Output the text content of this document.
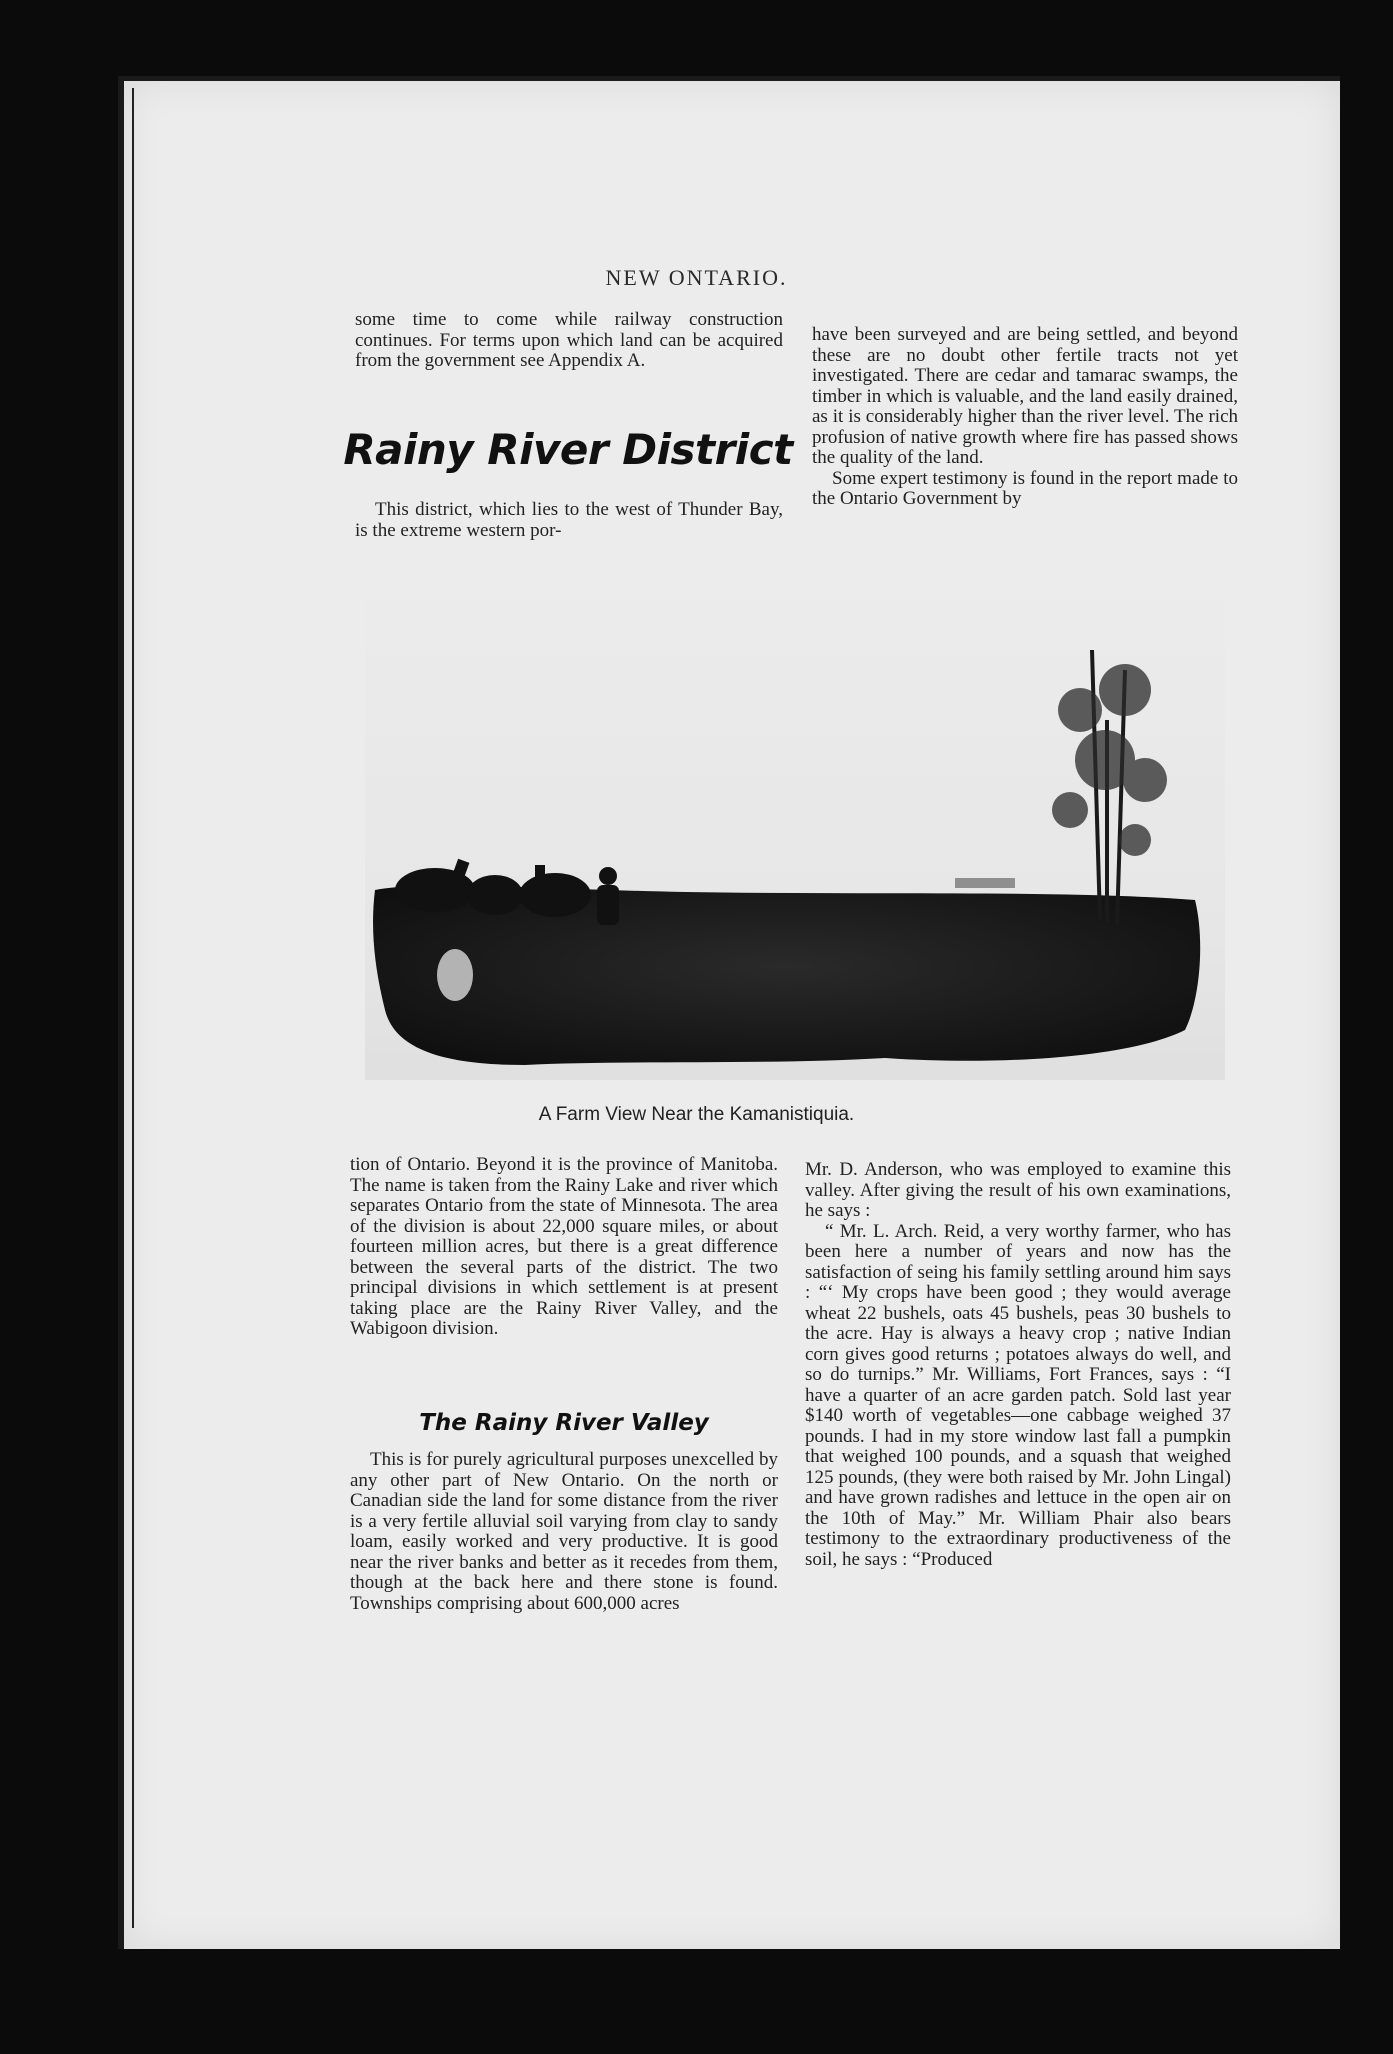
NEW ONTARIO.

some time to come while railway construction continues. For terms upon which land can be acquired from the government see Appendix A.

Rainy River District

This district, which lies to the west of Thunder Bay, is the extreme western por-

have been surveyed and are being settled, and beyond these are no doubt other fertile tracts not yet investigated. There are cedar and tamarac swamps, the timber in which is valuable, and the land easily drained, as it is considerably higher than the river level. The rich profusion of native growth where fire has passed shows the quality of the land.

Some expert testimony is found in the report made to the Ontario Government by

A Farm View Near the Kamanistiquia.

tion of Ontario. Beyond it is the province of Manitoba. The name is taken from the Rainy Lake and river which separates Ontario from the state of Minnesota. The area of the division is about 22,000 square miles, or about fourteen million acres, but there is a great difference between the several parts of the district. The two principal divisions in which settlement is at present taking place are the Rainy River Valley, and the Wabigoon division.

The Rainy River Valley

This is for purely agricultural purposes unexcelled by any other part of New Ontario. On the north or Canadian side the land for some distance from the river is a very fertile alluvial soil varying from clay to sandy loam, easily worked and very productive. It is good near the river banks and better as it recedes from them, though at the back here and there stone is found. Townships comprising about 600,000 acres

Mr. D. Anderson, who was employed to examine this valley. After giving the result of his own examinations, he says :

“ Mr. L. Arch. Reid, a very worthy farmer, who has been here a number of years and now has the satisfaction of seing his family settling around him says : “‘ My crops have been good ; they would average wheat 22 bushels, oats 45 bushels, peas 30 bushels to the acre. Hay is always a heavy crop ; native Indian corn gives good returns ; potatoes always do well, and so do turnips.” Mr. Williams, Fort Frances, says : “I have a quarter of an acre garden patch. Sold last year $140 worth of vegetables—one cabbage weighed 37 pounds. I had in my store window last fall a pumpkin that weighed 100 pounds, and a squash that weighed 125 pounds, (they were both raised by Mr. John Lingal) and have grown radishes and lettuce in the open air on the 10th of May.” Mr. William Phair also bears testimony to the extraordinary productiveness of the soil, he says : “Produced
